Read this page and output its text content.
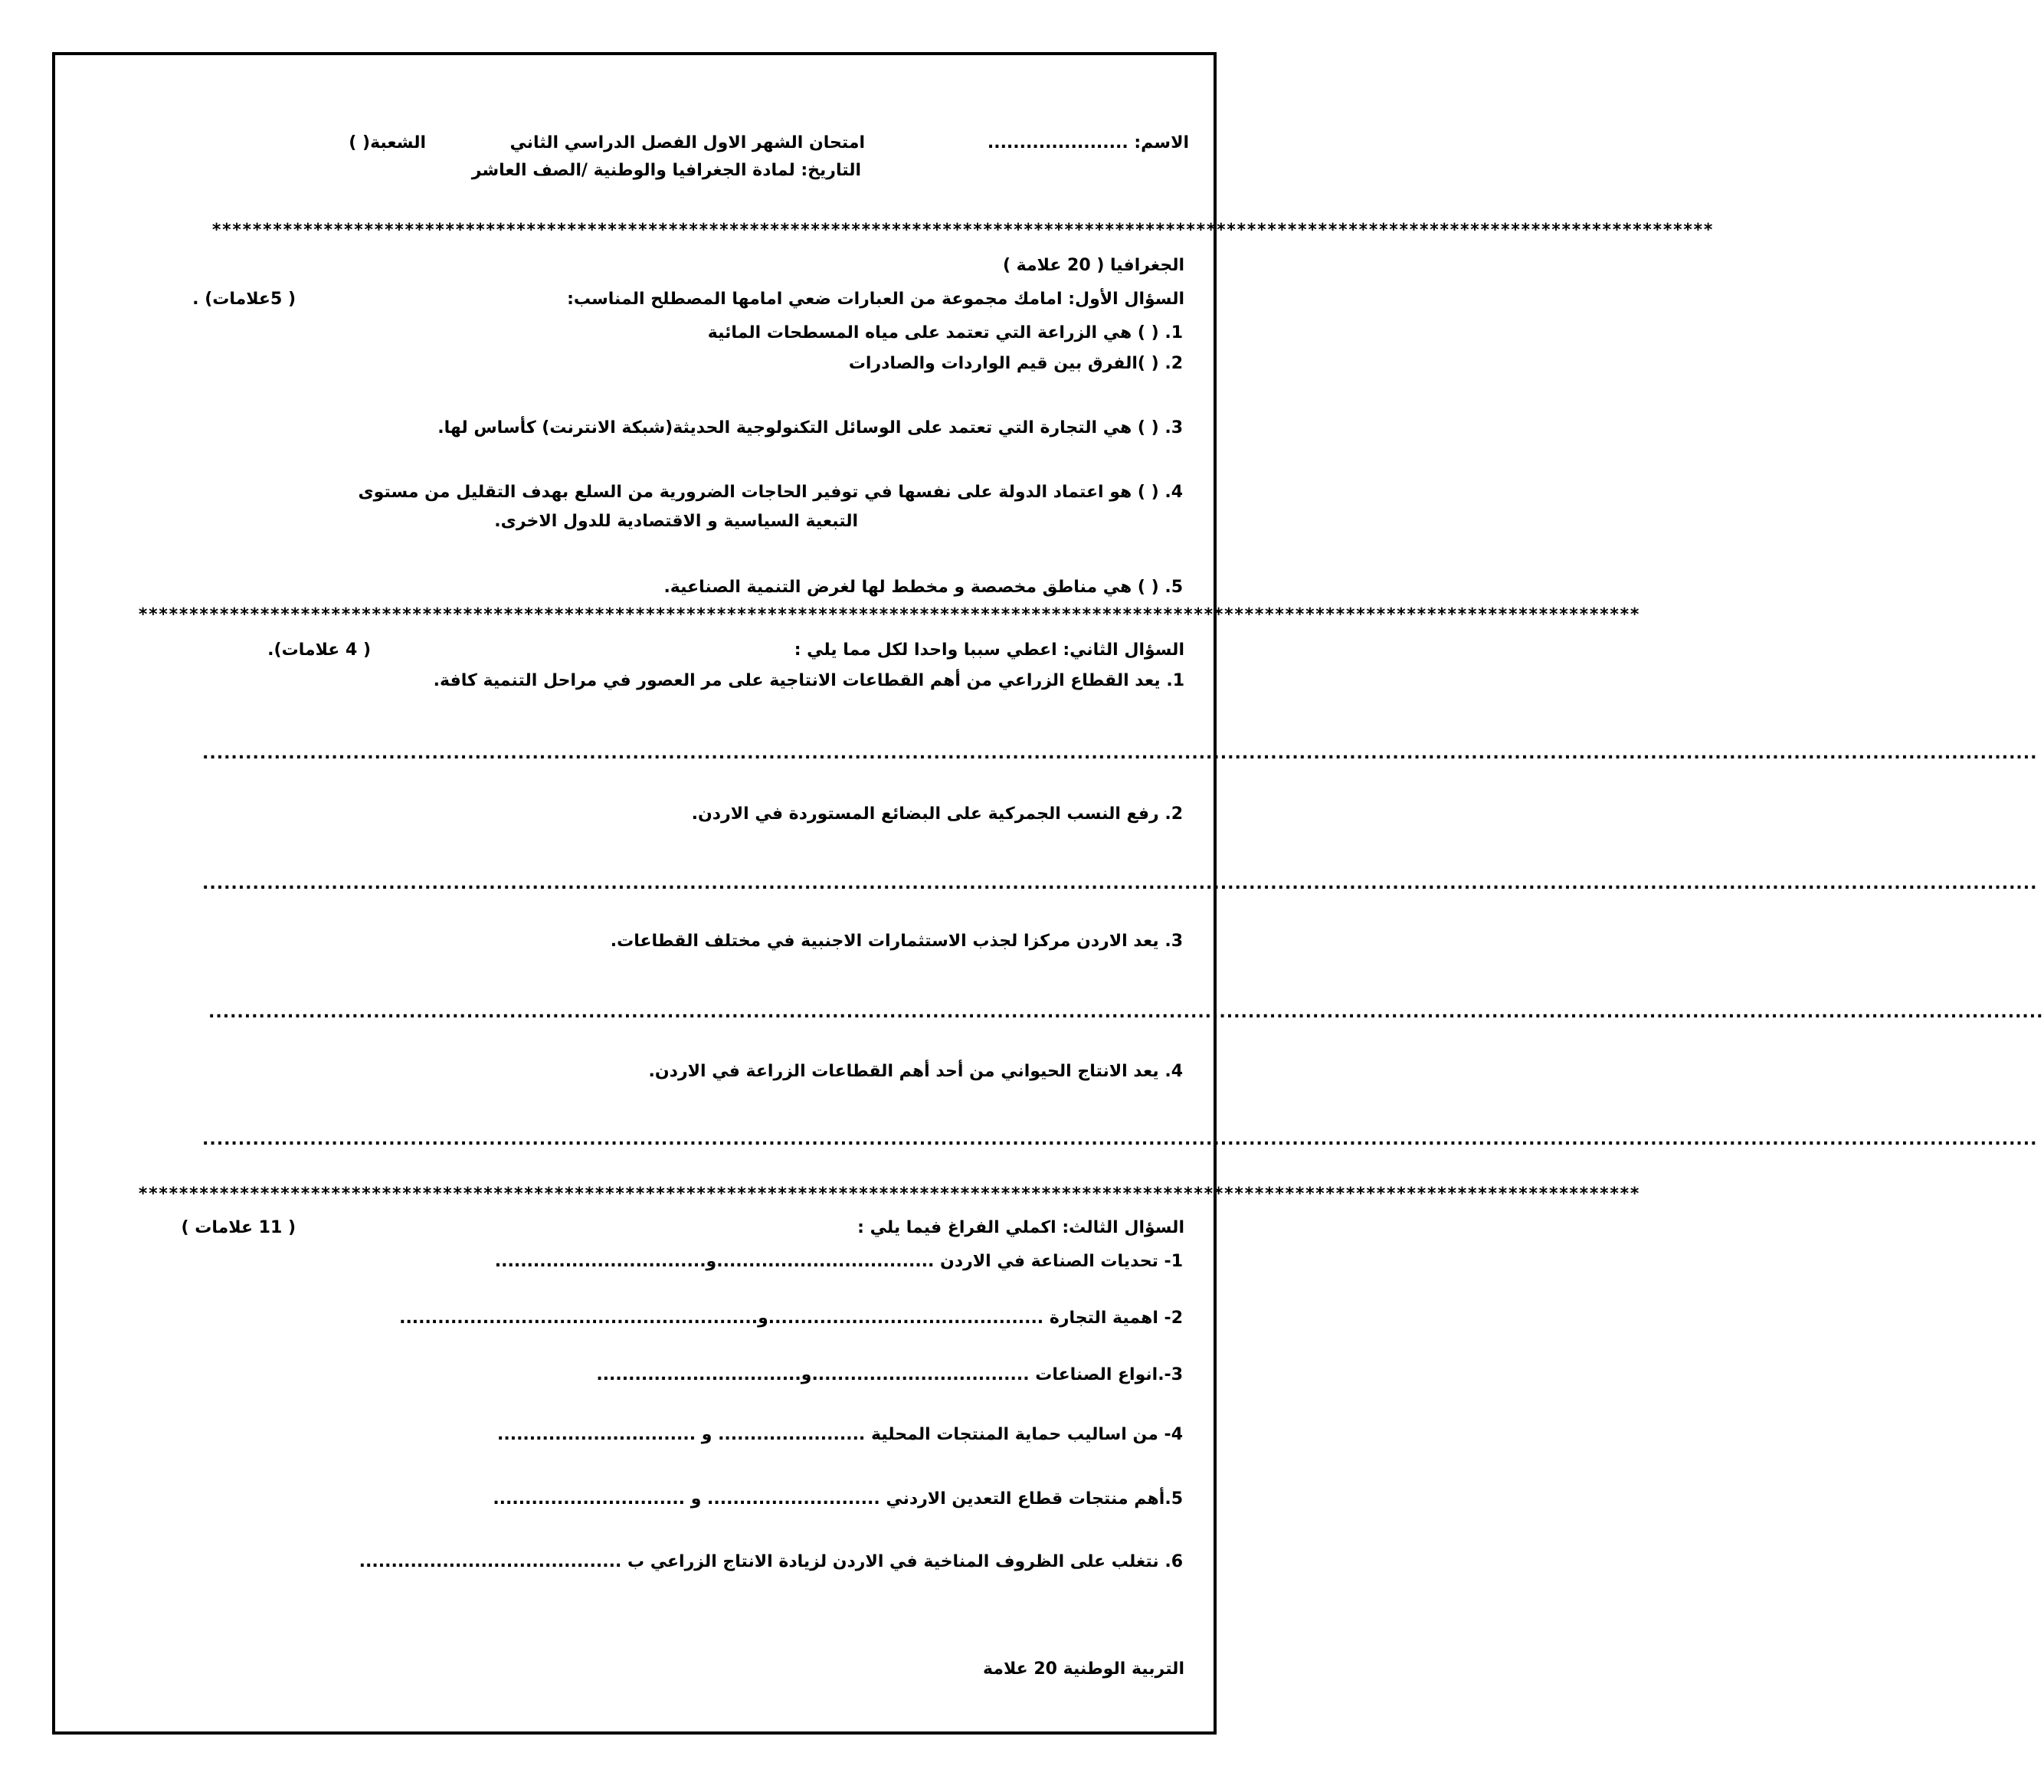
الاسم: ......................
امتحان الشهر الاول الفصل الدراسي الثاني
الشعبة( )
التاريخ: لمادة الجغرافيا والوطنية /الصف العاشر
****************************************************************************************************************************************************
الجغرافيا ( 20 علامة )
السؤال الأول: امامك مجموعة من العبارات ضعي امامها المصطلح المناسب:
( 5علامات) .
1. ( ) هي الزراعة التي تعتمد على مياه المسطحات المائية
2. ( )الفرق بين قيم الواردات والصادرات
3. ( ) هي التجارة التي تعتمد على الوسائل التكنولوجية الحديثة(شبكة الانترنت) كأساس لها.
4. ( ) هو اعتماد الدولة على نفسها في توفير الحاجات الضرورية من السلع بهدف التقليل من مستوى
التبعية السياسية و الاقتصادية للدول الاخرى.
5. ( ) هي مناطق مخصصة و مخطط لها لغرض التنمية الصناعية.
****************************************************************************************************************************************************
السؤال الثاني: اعطي سببا واحدا لكل مما يلي :
( 4 علامات).
1. يعد القطاع الزراعي من أهم القطاعات الانتاجية على مر العصور في مراحل التنمية كافة.
................................................................................................................................................................................................................................................................
2. رفع النسب الجمركية على البضائع المستوردة في الاردن.
................................................................................................................................................................................................................................................................
3. يعد الاردن مركزا لجذب الاستثمارات الاجنبية في مختلف القطاعات.
................................................................................................................................................................................................................................................................
4. يعد الانتاج الحيواني من أحد أهم القطاعات الزراعة في الاردن.
................................................................................................................................................................................................................................................................
****************************************************************************************************************************************************
السؤال الثالث: اكملي الفراغ فيما يلي :
( 11 علامات )
1- تحديات الصناعة في الاردن ..................................و.................................
2- اهمية التجارة ...........................................و........................................................
3-.انواع الصناعات ..................................و................................
4- من اساليب حماية المنتجات المحلية ....................... و ...............................
5.أهم منتجات قطاع التعدين الاردني ........................... و ..............................
6. نتغلب على الظروف المناخية في الاردن لزيادة الانتاج الزراعي ب .........................................
التربية الوطنية 20 علامة
